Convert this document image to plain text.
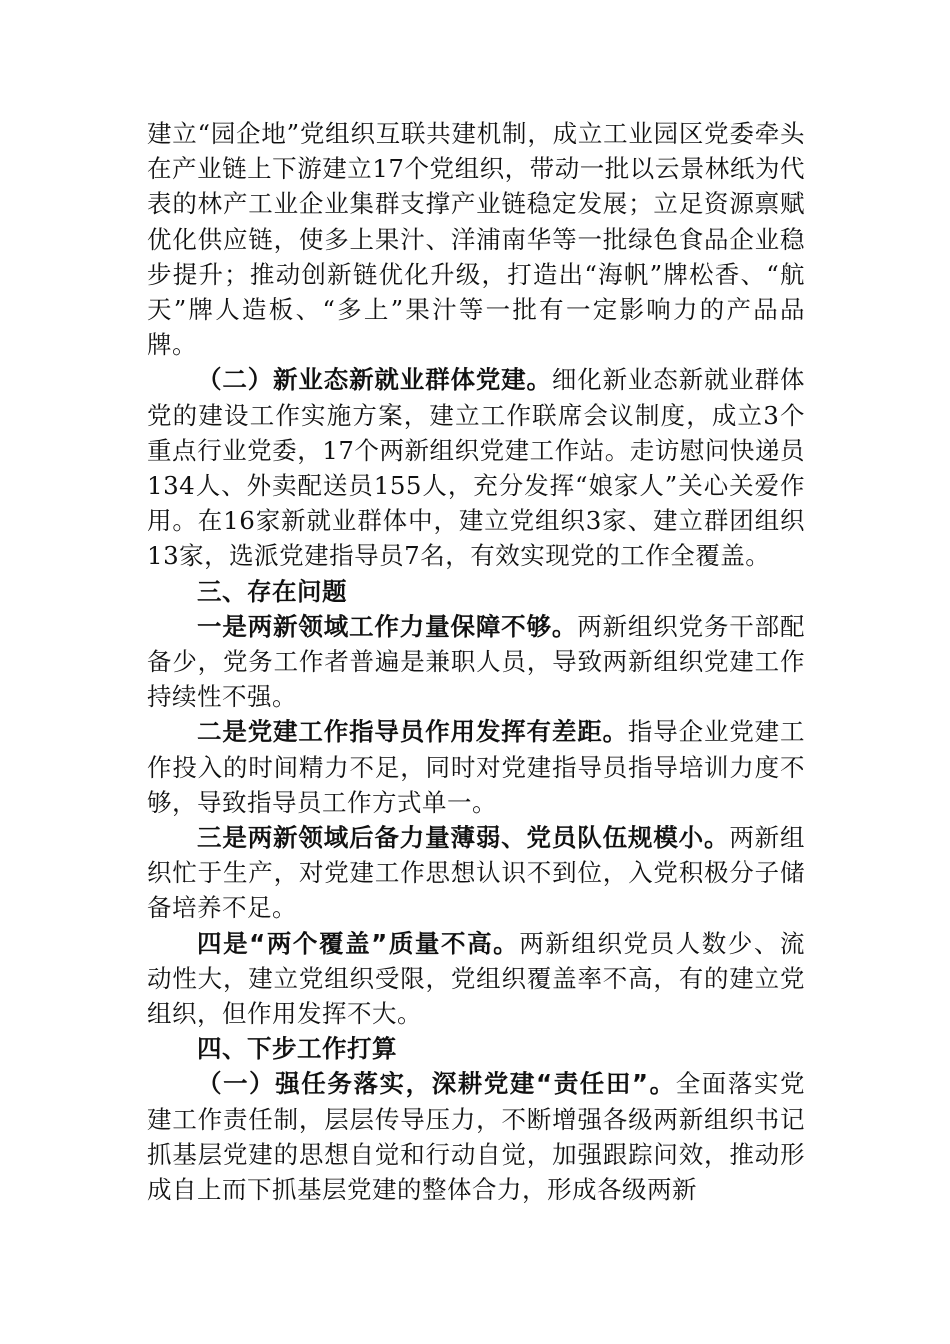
建立“园企地”党组织互联共建机制，成立工业园区党委牵头在产业链上下游建立17个党组织，带动一批以云景林纸为代表的林产工业企业集群支撑产业链稳定发展；立足资源禀赋优化供应链，使多上果汁、洋浦南华等一批绿色食品企业稳步提升；推动创新链优化升级，打造出“海帆”牌松香、“航天”牌人造板、“多上”果汁等一批有一定影响力的产品品牌。

（二）新业态新就业群体党建。细化新业态新就业群体党的建设工作实施方案，建立工作联席会议制度，成立3个重点行业党委，17个两新组织党建工作站。走访慰问快递员134人、外卖配送员155人，充分发挥“娘家人”关心关爱作用。在16家新就业群体中，建立党组织3家、建立群团组织13家，选派党建指导员7名，有效实现党的工作全覆盖。

三、存在问题

一是两新领域工作力量保障不够。两新组织党务干部配备少，党务工作者普遍是兼职人员，导致两新组织党建工作持续性不强。

二是党建工作指导员作用发挥有差距。指导企业党建工作投入的时间精力不足，同时对党建指导员指导培训力度不够，导致指导员工作方式单一。

三是两新领域后备力量薄弱、党员队伍规模小。两新组织忙于生产，对党建工作思想认识不到位，入党积极分子储备培养不足。

四是“两个覆盖”质量不高。两新组织党员人数少、流动性大，建立党组织受限，党组织覆盖率不高，有的建立党组织，但作用发挥不大。

四、下步工作打算

（一）强任务落实，深耕党建“责任田”。全面落实党建工作责任制，层层传导压力，不断增强各级两新组织书记抓基层党建的思想自觉和行动自觉，加强跟踪问效，推动形成自上而下抓基层党建的整体合力，形成各级两新
